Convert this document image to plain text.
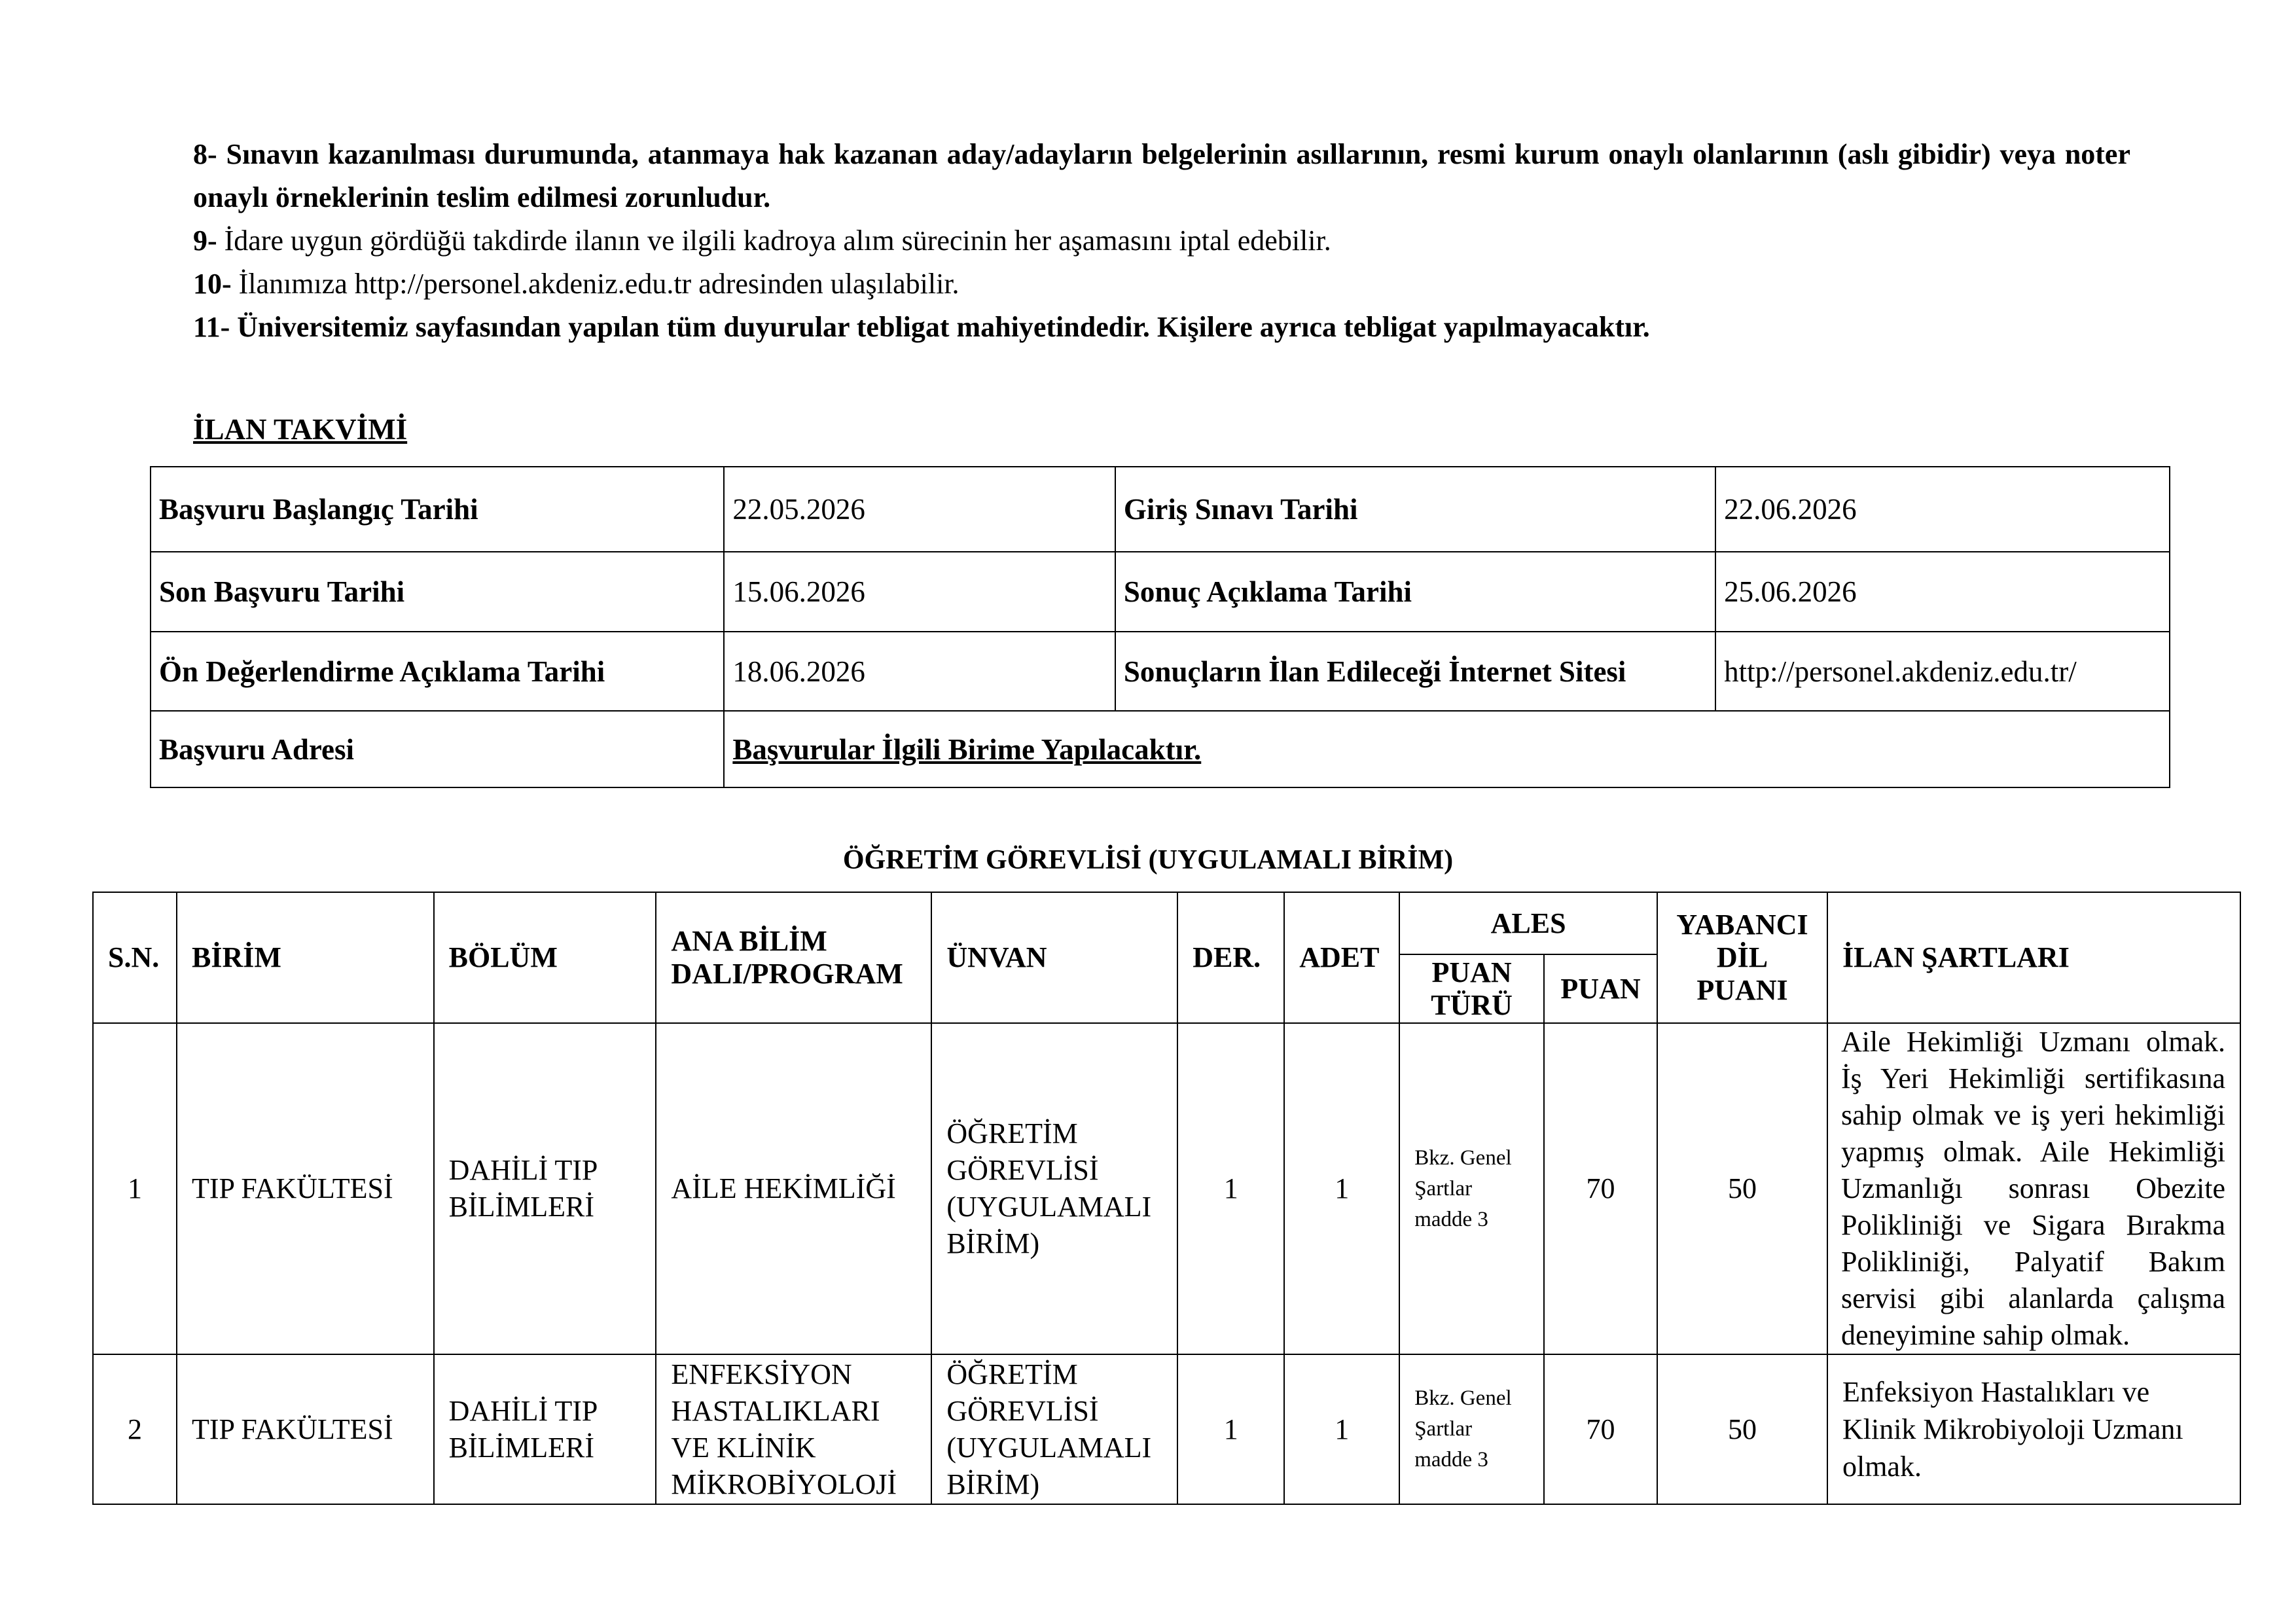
8- Sınavın kazanılması durumunda, atanmaya hak kazanan aday/adayların belgelerinin asıllarının, resmi kurum onaylı olanlarının (aslı gibidir) veya noter onaylı örneklerinin teslim edilmesi zorunludur.

9- İdare uygun gördüğü takdirde ilanın ve ilgili kadroya alım sürecinin her aşamasını iptal edebilir.

10- İlanımıza http://personel.akdeniz.edu.tr adresinden ulaşılabilir.

11- Üniversitemiz sayfasından yapılan tüm duyurular tebligat mahiyetindedir. Kişilere ayrıca tebligat yapılmayacaktır.

İLAN TAKVİMİ
Başvuru Başlangıç Tarihi	22.05.2026	Giriş Sınavı Tarihi	22.06.2026
Son Başvuru Tarihi	15.06.2026	Sonuç Açıklama Tarihi	25.06.2026
Ön Değerlendirme Açıklama Tarihi	18.06.2026	Sonuçların İlan Edileceği İnternet Sitesi	http://personel.akdeniz.edu.tr/
Başvuru Adresi	Başvurular İlgili Birime Yapılacaktır.		
ÖĞRETİM GÖREVLİSİ (UYGULAMALI BİRİM)
S.N.	BİRİM	BÖLÜM	ANA BİLİM DALI/PROGRAM	ÜNVAN	DER.	ADET	ALES		YABANCI DİL PUANI	İLAN ŞARTLARI
							PUAN TÜRÜ	PUAN		
1	TIP FAKÜLTESİ	DAHİLİ TIP BİLİMLERİ	AİLE HEKİMLİĞİ	ÖĞRETİM GÖREVLİSİ (UYGULAMALI BİRİM)	1	1	Bkz. Genel Şartlar madde 3	70	50	Aile Hekimliği Uzmanı olmak. İş Yeri Hekimliği sertifikasına sahip olmak ve iş yeri hekimliği yapmış olmak. Aile Hekimliği Uzmanlığı sonrası Obezite Polikliniği ve Sigara Bırakma Polikliniği, Palyatif Bakım servisi gibi alanlarda çalışma deneyimine sahip olmak.
2	TIP FAKÜLTESİ	DAHİLİ TIP BİLİMLERİ	ENFEKSİYON HASTALIKLARI VE KLİNİK MİKROBİYOLOJİ	ÖĞRETİM GÖREVLİSİ (UYGULAMALI BİRİM)	1	1	Bkz. Genel Şartlar madde 3	70	50	Enfeksiyon Hastalıkları ve Klinik Mikrobiyoloji Uzmanı olmak.
